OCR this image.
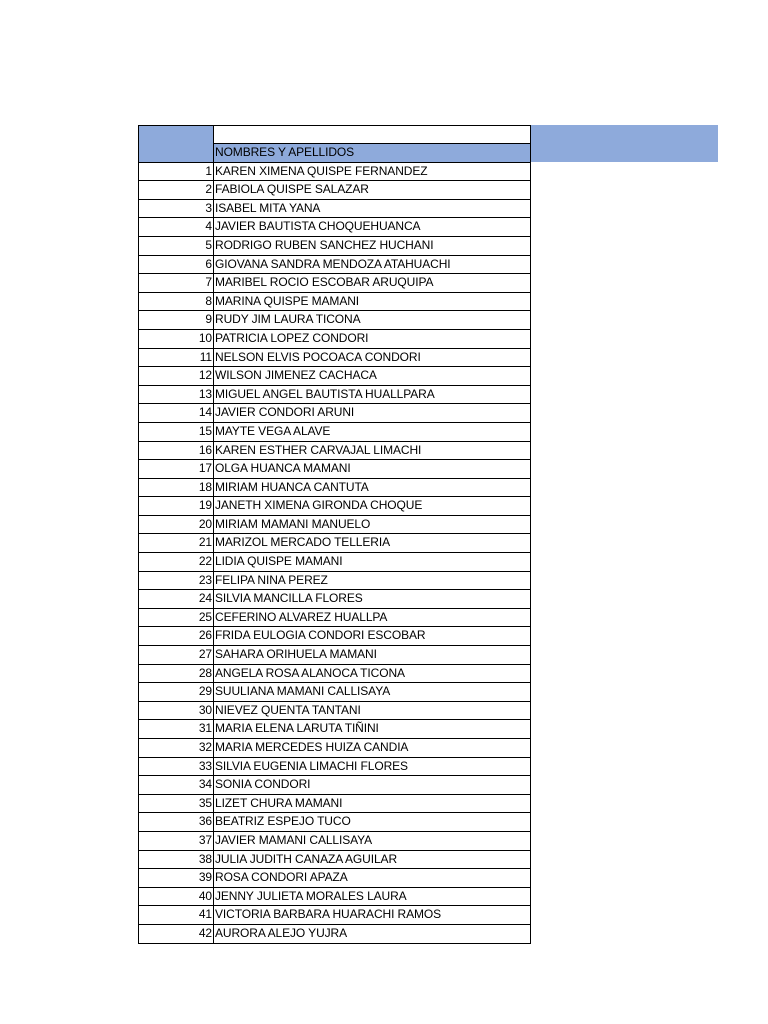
	NOMBRES Y APELLIDOS
1	KAREN XIMENA QUISPE FERNANDEZ
2	FABIOLA QUISPE SALAZAR
3	ISABEL MITA YANA
4	JAVIER BAUTISTA CHOQUEHUANCA
5	RODRIGO RUBEN SANCHEZ HUCHANI
6	GIOVANA SANDRA MENDOZA ATAHUACHI
7	MARIBEL ROCIO ESCOBAR ARUQUIPA
8	MARINA QUISPE MAMANI
9	RUDY JIM LAURA TICONA
10	PATRICIA LOPEZ CONDORI
11	NELSON ELVIS POCOACA CONDORI
12	WILSON JIMENEZ CACHACA
13	MIGUEL ANGEL BAUTISTA HUALLPARA
14	JAVIER CONDORI ARUNI
15	MAYTE VEGA ALAVE
16	KAREN ESTHER CARVAJAL LIMACHI
17	OLGA HUANCA MAMANI
18	MIRIAM HUANCA CANTUTA
19	JANETH XIMENA GIRONDA CHOQUE
20	MIRIAM MAMANI MANUELO
21	MARIZOL MERCADO TELLERIA
22	LIDIA QUISPE MAMANI
23	FELIPA NINA PEREZ
24	SILVIA MANCILLA FLORES
25	CEFERINO ALVAREZ HUALLPA
26	FRIDA EULOGIA CONDORI ESCOBAR
27	SAHARA ORIHUELA MAMANI
28	ANGELA ROSA ALANOCA TICONA
29	SUULIANA MAMANI CALLISAYA
30	NIEVEZ QUENTA TANTANI
31	MARIA ELENA LARUTA TIÑINI
32	MARIA MERCEDES HUIZA CANDIA
33	SILVIA EUGENIA LIMACHI FLORES
34	SONIA CONDORI
35	LIZET CHURA MAMANI
36	BEATRIZ ESPEJO TUCO
37	JAVIER MAMANI CALLISAYA
38	JULIA JUDITH CANAZA AGUILAR
39	ROSA CONDORI APAZA
40	JENNY JULIETA MORALES LAURA
41	VICTORIA BARBARA HUARACHI RAMOS
42	AURORA ALEJO YUJRA
